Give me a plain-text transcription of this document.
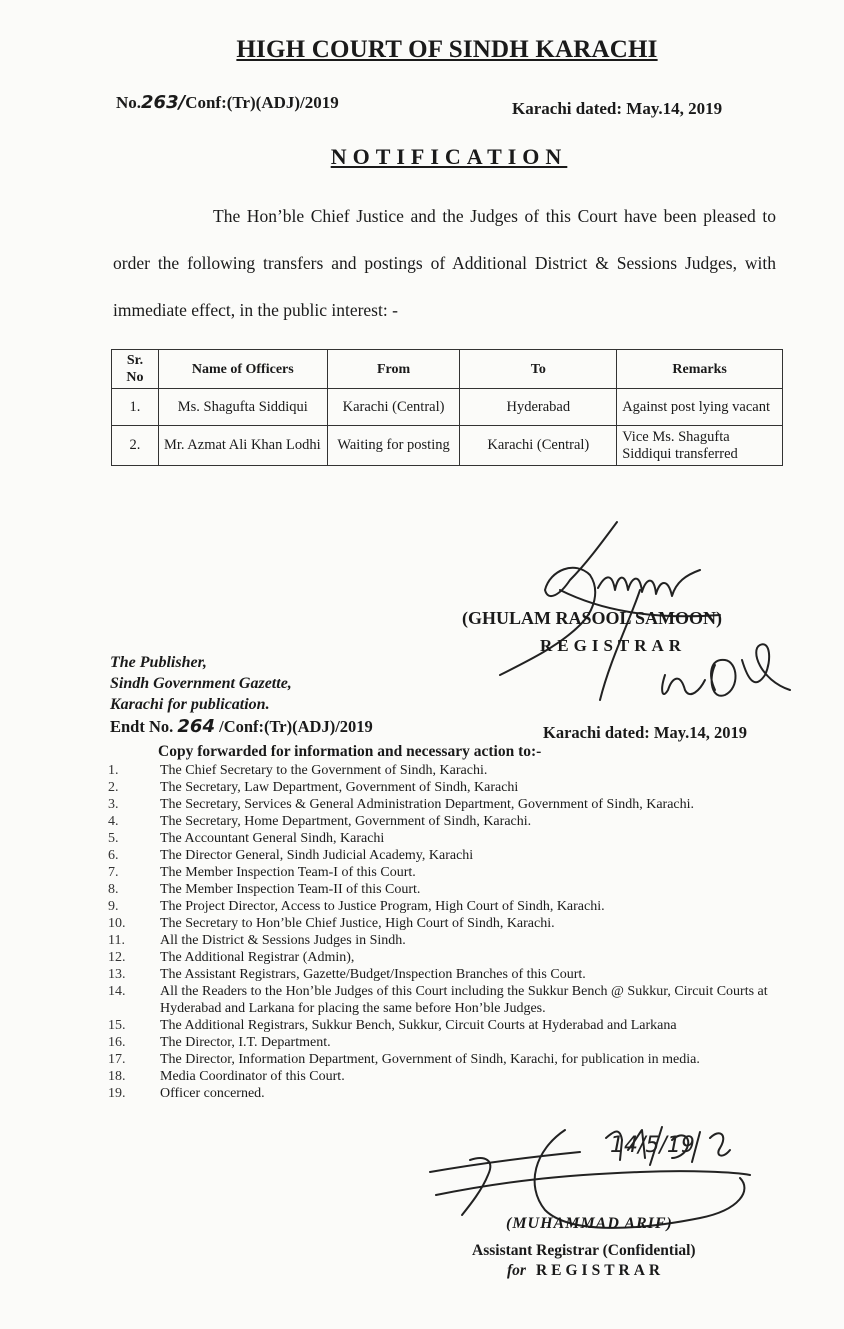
HIGH COURT OF SINDH KARACHI
No.263/Conf:(Tr)(ADJ)/2019	Karachi dated: May.14, 2019
NOTIFICATION
The Hon’ble Chief Justice and the Judges of this Court have been pleased to order the following transfers and postings of Additional District & Sessions Judges, with immediate effect, in the public interest: -
Sr. No	Name of Officers	From	To	Remarks
1.	Ms. Shagufta Siddiqui	Karachi (Central)	Hyderabad	Against post lying vacant
2.	Mr. Azmat Ali Khan Lodhi	Waiting for posting	Karachi (Central)	Vice Ms. Shagufta Siddiqui transferred
14/5/19
(GHULAM RASOOL SAMOON)
REGISTRAR
The Publisher,
Sindh Government Gazette,
Karachi for publication.
Endt No. 264 /Conf:(Tr)(ADJ)/2019	Karachi dated: May.14, 2019
Copy forwarded for information and necessary action to:-
1.	The Chief Secretary to the Government of Sindh, Karachi.
2.	The Secretary, Law Department, Government of Sindh, Karachi
3.	The Secretary, Services & General Administration Department, Government of Sindh, Karachi.
4.	The Secretary, Home Department, Government of Sindh, Karachi.
5.	The Accountant General Sindh, Karachi
6.	The Director General, Sindh Judicial Academy, Karachi
7.	The Member Inspection Team-I of this Court.
8.	The Member Inspection Team-II of this Court.
9.	The Project Director, Access to Justice Program, High Court of Sindh, Karachi.
10.	The Secretary to Hon’ble Chief Justice, High Court of Sindh, Karachi.
11.	All the District & Sessions Judges in Sindh.
12.	The Additional Registrar (Admin),
13.	The Assistant Registrars, Gazette/Budget/Inspection Branches of this Court.
14.	All the Readers to the Hon’ble Judges of this Court including the Sukkur Bench @ Sukkur, Circuit Courts at Hyderabad and Larkana for placing the same before Hon’ble Judges.
15.	The Additional Registrars, Sukkur Bench, Sukkur, Circuit Courts at Hyderabad and Larkana
16.	The Director, I.T. Department.
17.	The Director, Information Department, Government of Sindh, Karachi, for publication in media.
18.	Media Coordinator of this Court.
19.	Officer concerned.
(MUHAMMAD ARIF)
Assistant Registrar (Confidential)
for REGISTRAR
